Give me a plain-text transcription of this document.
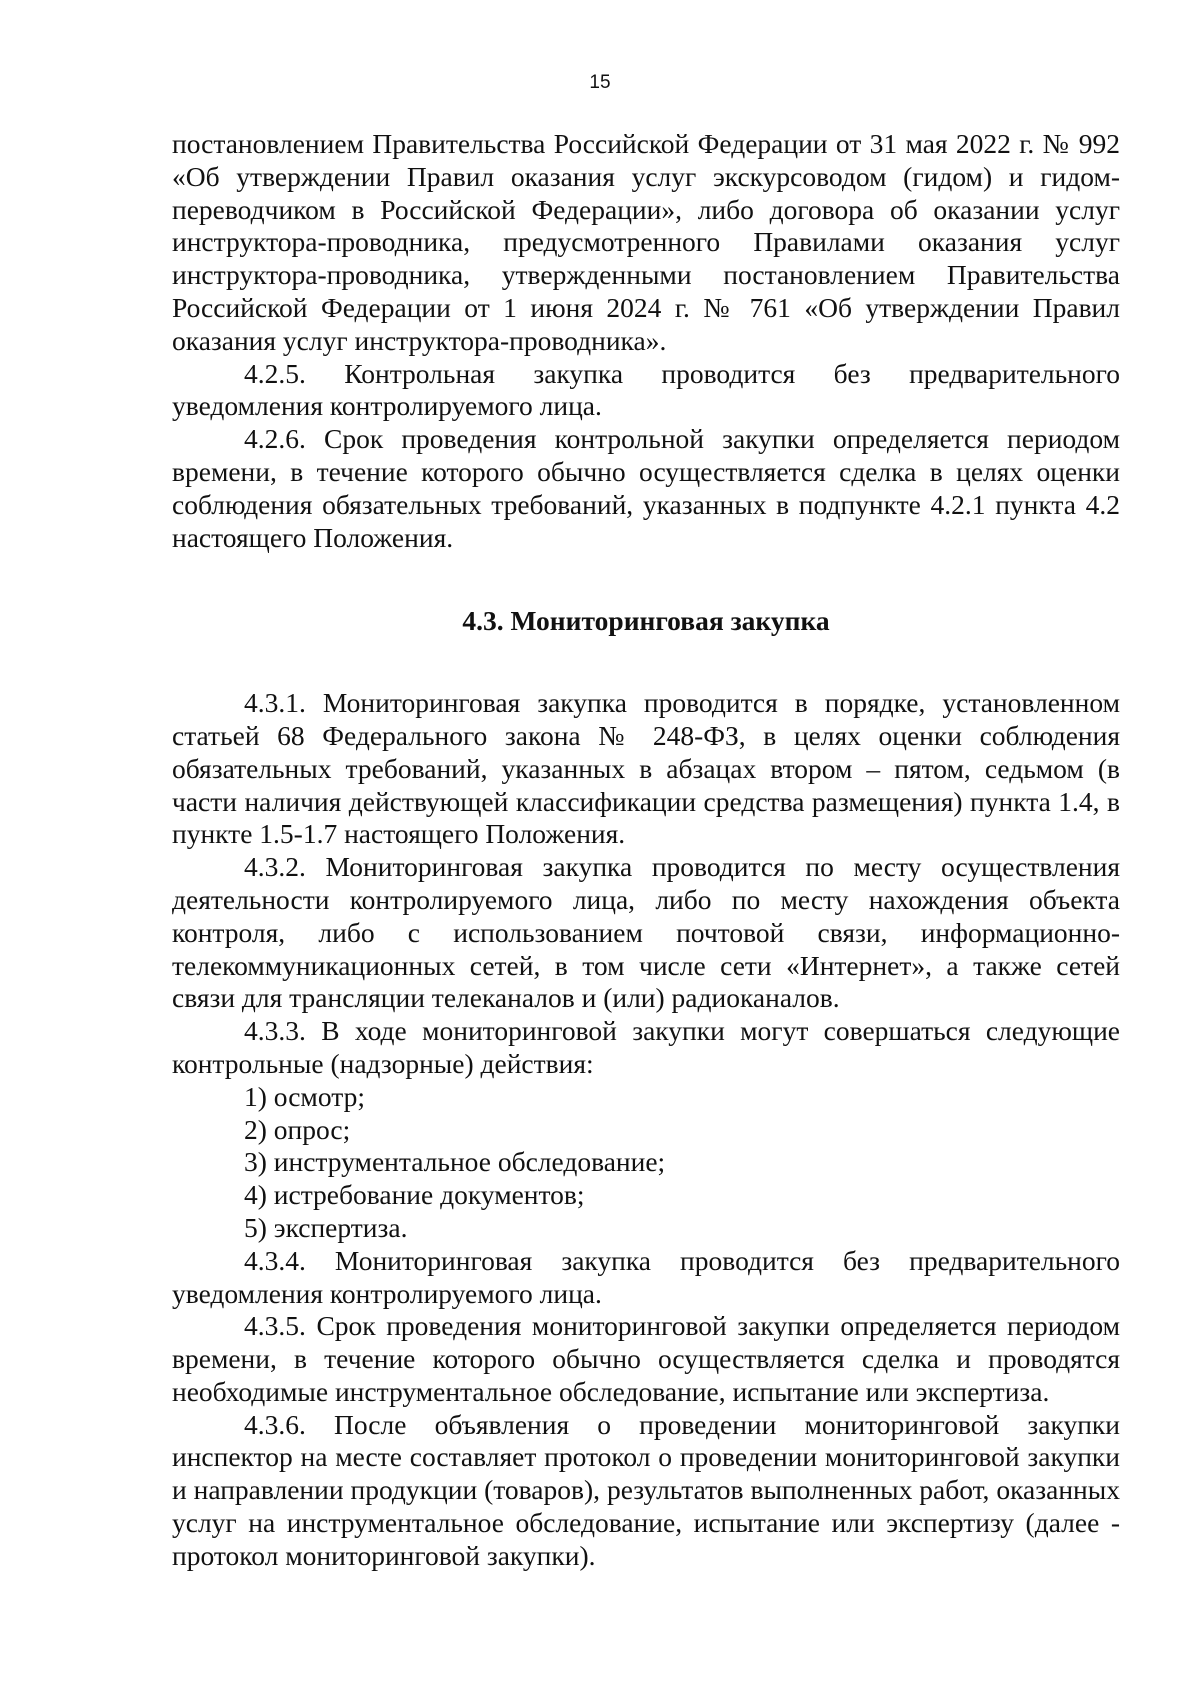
15

постановлением Правительства Российской Федерации от 31 мая 2022 г. № 992 «Об утверждении Правил оказания услуг экскурсоводом (гидом) и гидом-переводчиком в Российской Федерации», либо договора об оказании услуг инструктора-проводника, предусмотренного Правилами оказания услуг инструктора-проводника, утвержденными постановлением Правительства Российской Федерации от 1 июня 2024 г. № 761 «Об утверждении Правил оказания услуг инструктора-проводника».

4.2.5. Контрольная закупка проводится без предварительного уведомления контролируемого лица.

4.2.6. Срок проведения контрольной закупки определяется периодом времени, в течение которого обычно осуществляется сделка в целях оценки соблюдения обязательных требований, указанных в подпункте 4.2.1 пункта 4.2 настоящего Положения.

4.3. Мониторинговая закупка

4.3.1. Мониторинговая закупка проводится в порядке, установленном статьей 68 Федерального закона № 248-ФЗ, в целях оценки соблюдения обязательных требований, указанных в абзацах втором – пятом, седьмом (в части наличия действующей классификации средства размещения) пункта 1.4, в пункте 1.5-1.7 настоящего Положения.

4.3.2. Мониторинговая закупка проводится по месту осуществления деятельности контролируемого лица, либо по месту нахождения объекта контроля, либо с использованием почтовой связи, информационно-телекоммуникационных сетей, в том числе сети «Интернет», а также сетей связи для трансляции телеканалов и (или) радиоканалов.

4.3.3. В ходе мониторинговой закупки могут совершаться следующие контрольные (надзорные) действия:

1) осмотр;

2) опрос;

3) инструментальное обследование;

4) истребование документов;

5) экспертиза.

4.3.4. Мониторинговая закупка проводится без предварительного уведомления контролируемого лица.

4.3.5. Срок проведения мониторинговой закупки определяется периодом времени, в течение которого обычно осуществляется сделка и проводятся необходимые инструментальное обследование, испытание или экспертиза.

4.3.6. После объявления о проведении мониторинговой закупки инспектор на месте составляет протокол о проведении мониторинговой закупки и направлении продукции (товаров), результатов выполненных работ, оказанных услуг на инструментальное обследование, испытание или экспертизу (далее - протокол мониторинговой закупки).
